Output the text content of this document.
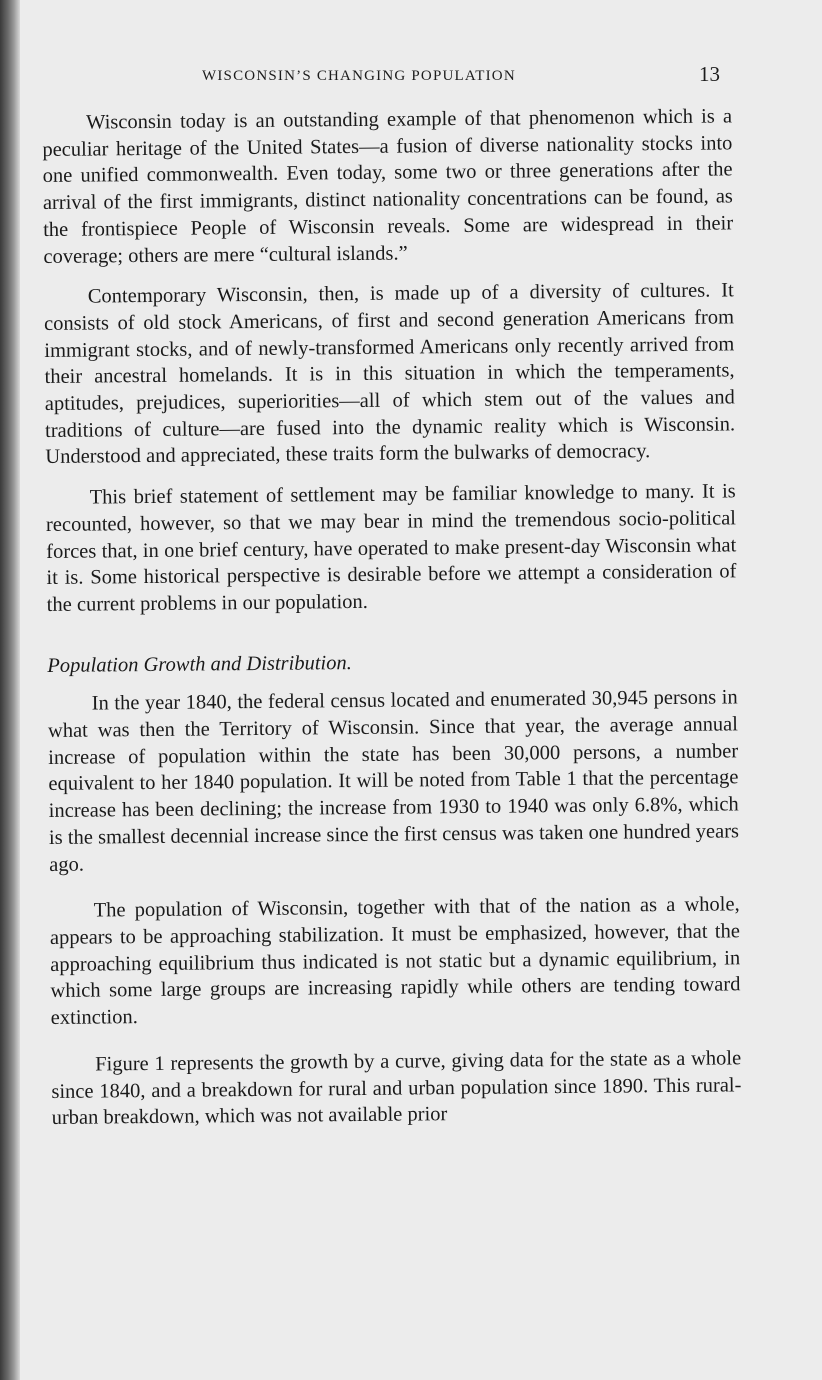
WISCONSIN’S CHANGING POPULATION	13

Wisconsin today is an outstanding example of that phenomenon which is a peculiar heritage of the United States—a fusion of diverse nationality stocks into one unified commonwealth. Even today, some two or three generations after the arrival of the first immigrants, distinct nationality concentrations can be found, as the frontispiece People of Wisconsin reveals. Some are widespread in their coverage; others are mere “cultural islands.”

Contemporary Wisconsin, then, is made up of a diversity of cultures. It consists of old stock Americans, of first and second generation Americans from immigrant stocks, and of newly-transformed Americans only recently arrived from their ancestral homelands. It is in this situation in which the temperaments, aptitudes, prejudices, superiorities—all of which stem out of the values and traditions of culture—are fused into the dynamic reality which is Wisconsin. Understood and appreciated, these traits form the bulwarks of democracy.

This brief statement of settlement may be familiar knowledge to many. It is recounted, however, so that we may bear in mind the tremendous socio-political forces that, in one brief century, have operated to make present-day Wisconsin what it is. Some historical perspective is desirable before we attempt a consideration of the current problems in our population.

Population Growth and Distribution.

In the year 1840, the federal census located and enumerated 30,945 persons in what was then the Territory of Wisconsin. Since that year, the average annual increase of population within the state has been 30,000 persons, a number equivalent to her 1840 population. It will be noted from Table 1 that the percentage increase has been declining; the increase from 1930 to 1940 was only 6.8%, which is the smallest decennial increase since the first census was taken one hundred years ago.

The population of Wisconsin, together with that of the nation as a whole, appears to be approaching stabilization. It must be emphasized, however, that the approaching equilibrium thus indicated is not static but a dynamic equilibrium, in which some large groups are increasing rapidly while others are tending toward extinction.

Figure 1 represents the growth by a curve, giving data for the state as a whole since 1840, and a breakdown for rural and urban population since 1890. This rural-urban breakdown, which was not available prior
